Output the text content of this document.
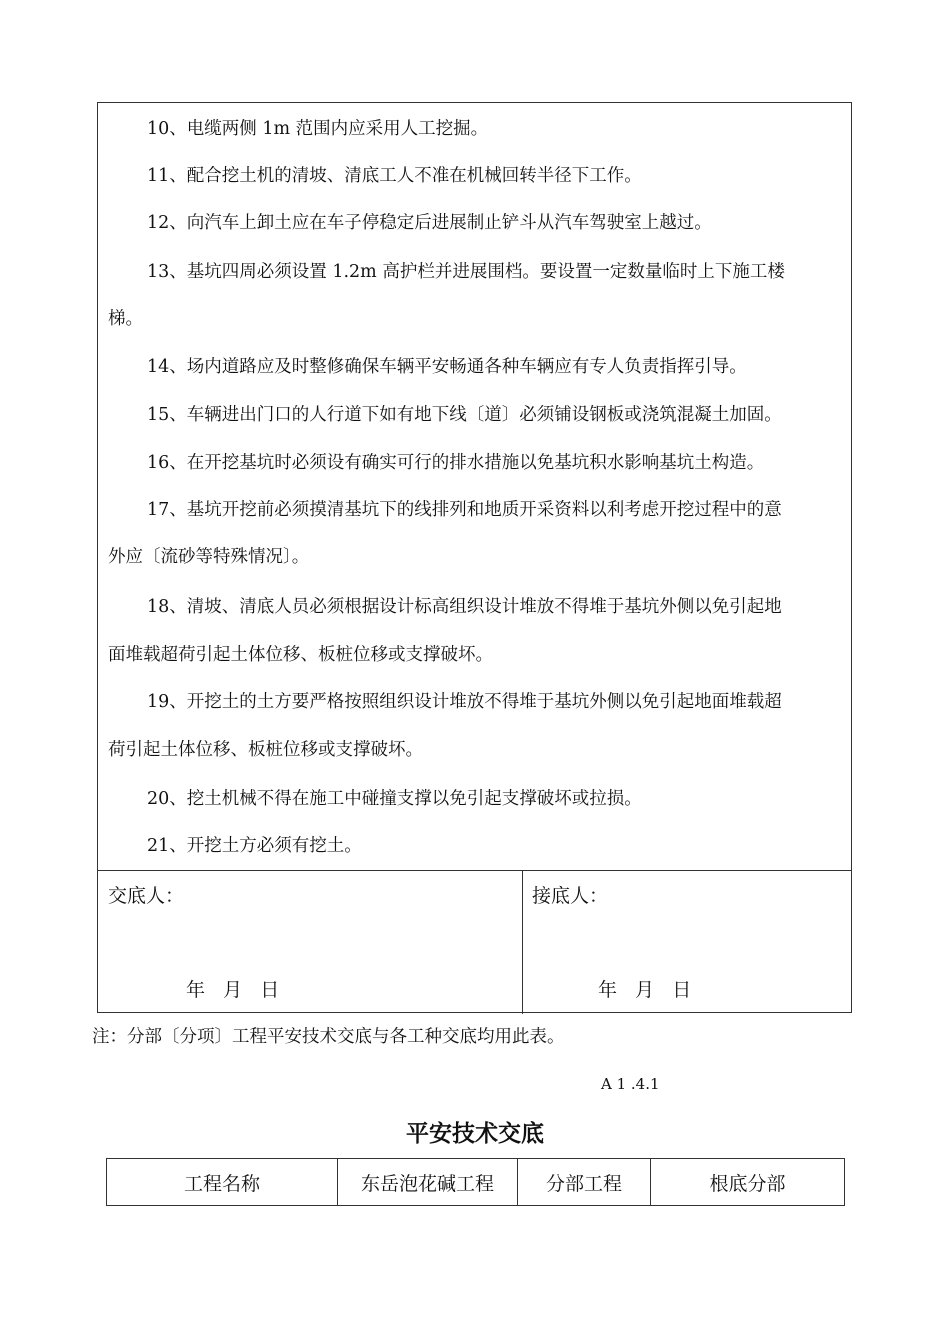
10、电缆两侧 1m 范围内应采用人工挖掘。
11、配合挖土机的清坡、清底工人不准在机械回转半径下工作。
12、向汽车上卸土应在车子停稳定后进展制止铲斗从汽车驾驶室上越过。
13、基坑四周必须设置 1.2m 高护栏并进展围档。要设置一定数量临时上下施工楼
梯。
14、场内道路应及时整修确保车辆平安畅通各种车辆应有专人负责指挥引导。
15、车辆进出门口的人行道下如有地下线〔道〕必须铺设钢板或浇筑混凝土加固。
16、在开挖基坑时必须设有确实可行的排水措施以免基坑积水影响基坑土构造。
17、基坑开挖前必须摸清基坑下的线排列和地质开采资料以利考虑开挖过程中的意
外应〔流砂等特殊情况〕。
18、清坡、清底人员必须根据设计标高组织设计堆放不得堆于基坑外侧以免引起地
面堆载超荷引起土体位移、板桩位移或支撑破坏。
19、开挖土的土方要严格按照组织设计堆放不得堆于基坑外侧以免引起地面堆载超
荷引起土体位移、板桩位移或支撑破坏。
20、挖土机械不得在施工中碰撞支撑以免引起支撑破坏或拉损。
21、开挖土方必须有挖土。
交底人：
年   月   日
接底人：
年   月   日
注：分部〔分项〕工程平安技术交底与各工种交底均用此表。
A 1 .4.1
平安技术交底
工程名称	东岳泡花碱工程	分部工程	根底分部
